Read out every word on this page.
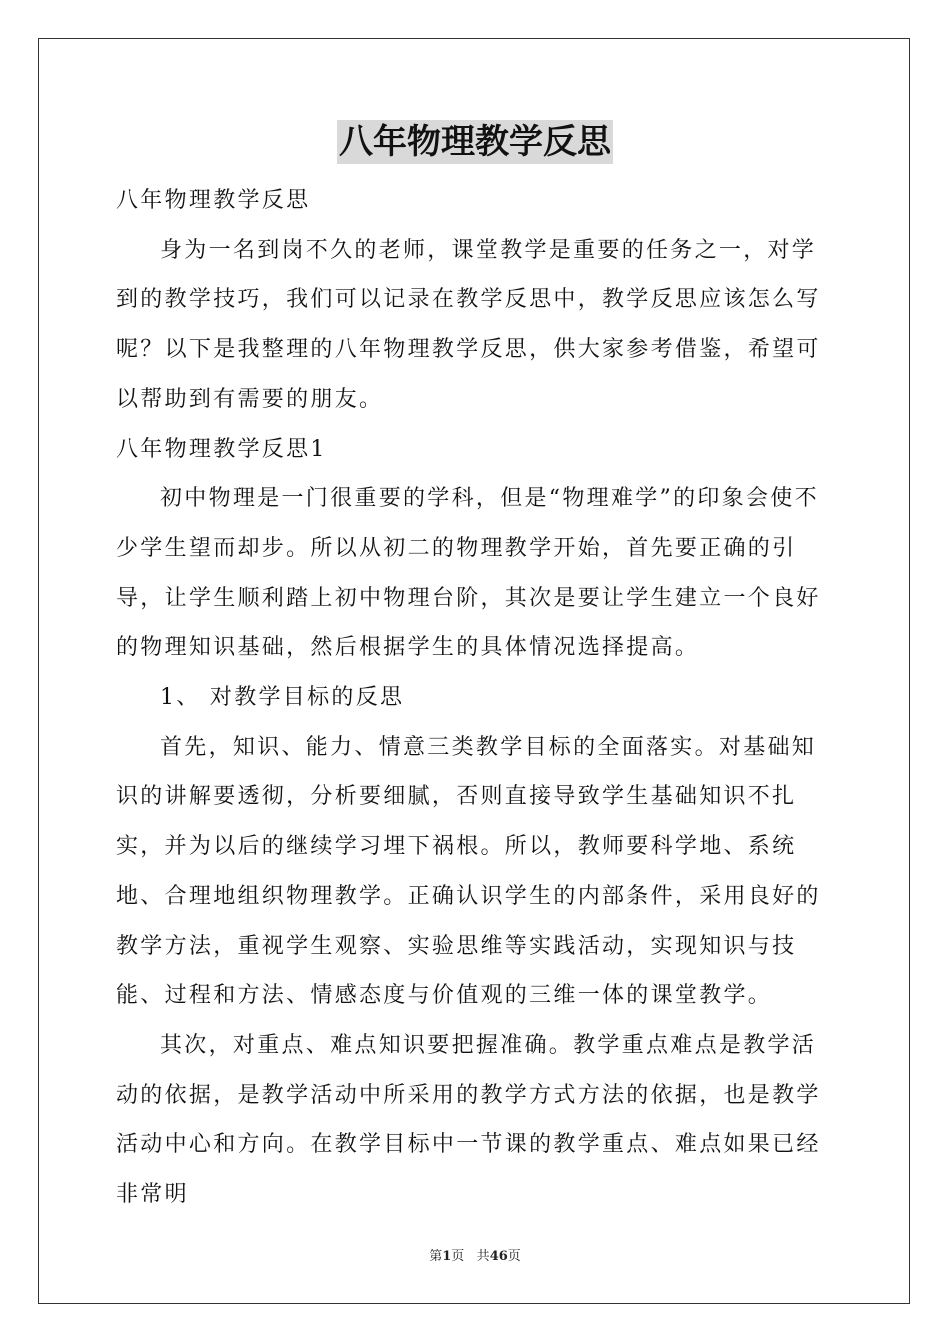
八年物理教学反思

八年物理教学反思

身为一名到岗不久的老师，课堂教学是重要的任务之一，对学到的教学技巧，我们可以记录在教学反思中，教学反思应该怎么写呢？以下是我整理的八年物理教学反思，供大家参考借鉴，希望可以帮助到有需要的朋友。

八年物理教学反思1

初中物理是一门很重要的学科，但是“物理难学”的印象会使不少学生望而却步。所以从初二的物理教学开始，首先要正确的引导，让学生顺利踏上初中物理台阶，其次是要让学生建立一个良好的物理知识基础，然后根据学生的具体情况选择提高。

1、 对教学目标的反思

首先，知识、能力、情意三类教学目标的全面落实。对基础知识的讲解要透彻，分析要细腻，否则直接导致学生基础知识不扎实，并为以后的继续学习埋下祸根。所以，教师要科学地、系统地、合理地组织物理教学。正确认识学生的内部条件，采用良好的教学方法，重视学生观察、实验思维等实践活动，实现知识与技能、过程和方法、情感态度与价值观的三维一体的课堂教学。

其次，对重点、难点知识要把握准确。教学重点难点是教学活动的依据，是教学活动中所采用的教学方式方法的依据，也是教学活动中心和方向。在教学目标中一节课的教学重点、难点如果已经非常明

第1页 共46页
